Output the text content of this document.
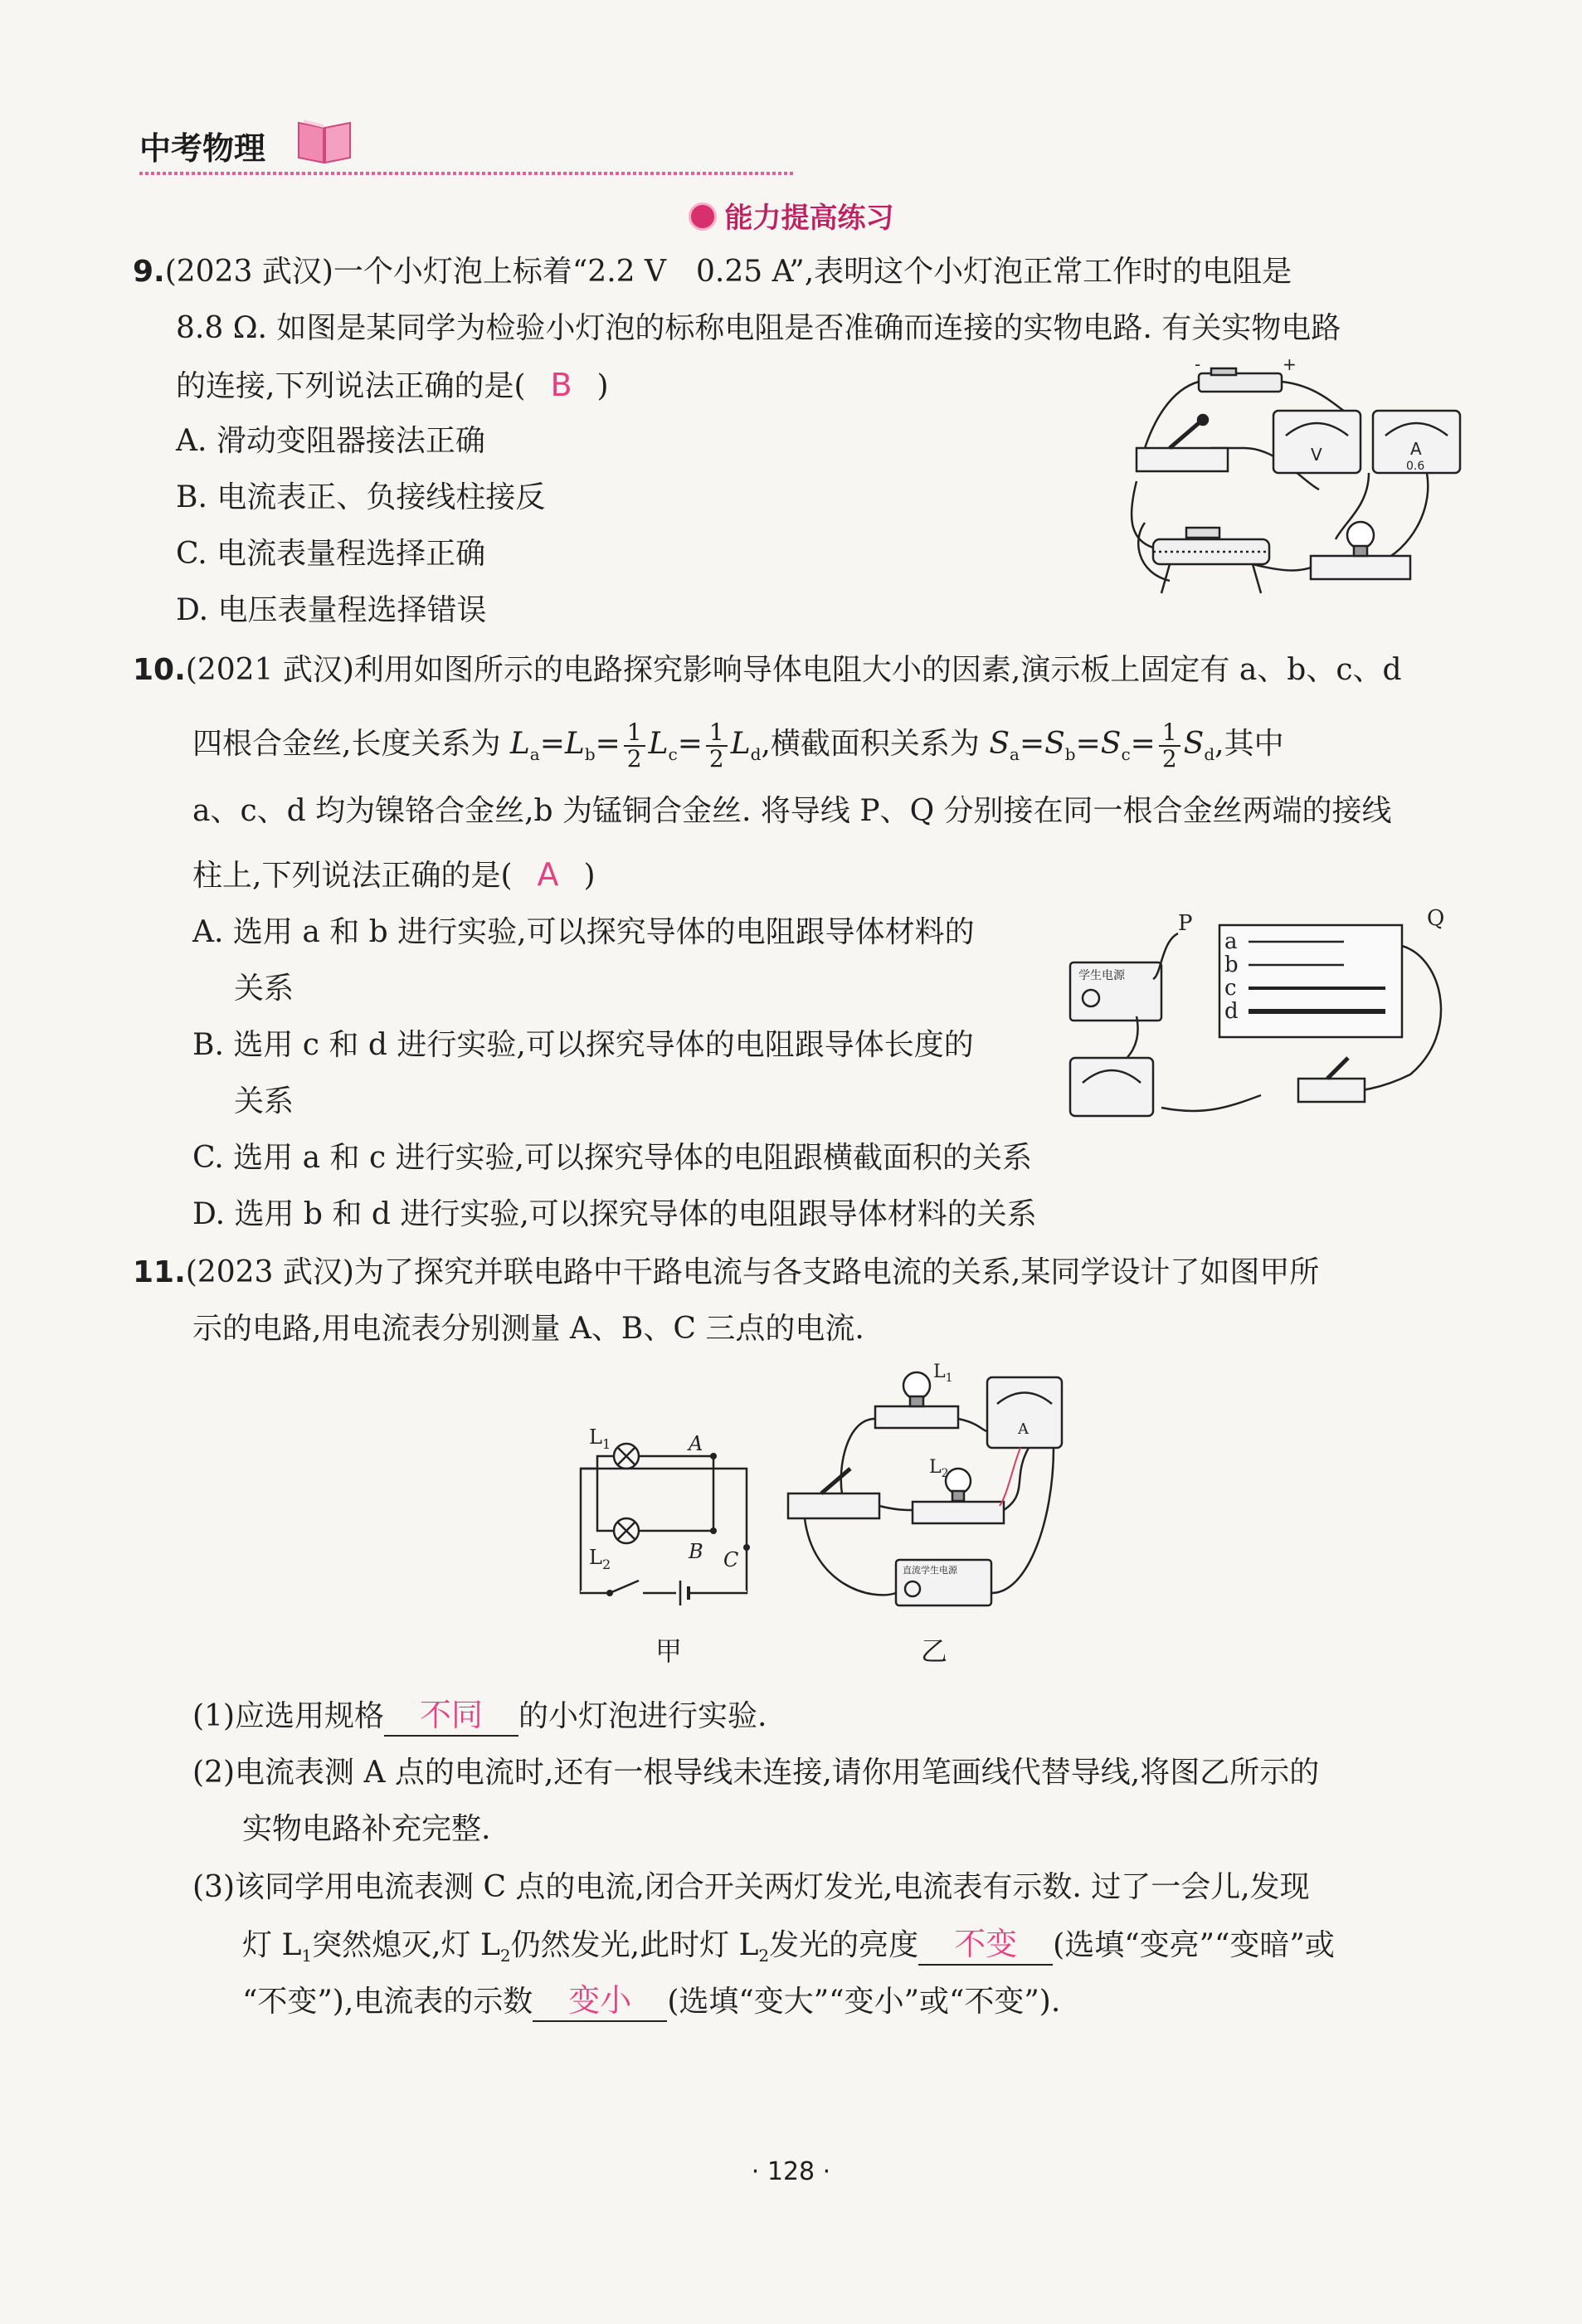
中考物理
能力提高练习
9.(2023 武汉)一个小灯泡上标着“2.2 V　0.25 A”,表明这个小灯泡正常工作时的电阻是
8.8 Ω. 如图是某同学为检验小灯泡的标称电阻是否准确而连接的实物电路. 有关实物电路
的连接,下列说法正确的是( B )
A. 滑动变阻器接法正确
B. 电流表正、负接线柱接反
C. 电流表量程选择正确
D. 电压表量程选择错误
-	+
V	A
0.6
10.(2021 武汉)利用如图所示的电路探究影响导体电阻大小的因素,演示板上固定有 a、b、c、d
四根合金丝,长度关系为 $L_a=L_b= \frac{1}{2} L_c= \frac{1}{2} L_d$,横截面积关系为 $S_a=S_b=S_c= \frac{1}{2} S_d$,其中
a、c、d 均为镍铬合金丝,b 为锰铜合金丝. 将导线 P、Q 分别接在同一根合金丝两端的接线
柱上,下列说法正确的是( A )
A. 选用 a 和 b 进行实验,可以探究导体的电阻跟导体材料的
关系
B. 选用 c 和 d 进行实验,可以探究导体的电阻跟导体长度的
关系
C. 选用 a 和 c 进行实验,可以探究导体的电阻跟横截面积的关系
D. 选用 b 和 d 进行实验,可以探究导体的电阻跟导体材料的关系
P	Q
a
b
c
d
学生电源
11.(2023 武汉)为了探究并联电路中干路电流与各支路电流的关系,某同学设计了如图甲所
示的电路,用电流表分别测量 A、B、C 三点的电流.
$L_1$
$L_2$
A
B C
甲
$L_1$
$L_2$
A
直流学生电源
乙
(1)应选用规格 不同 的小灯泡进行实验.
(2)电流表测 A 点的电流时,还有一根导线未连接,请你用笔画线代替导线,将图乙所示的
实物电路补充完整.
(3)该同学用电流表测 C 点的电流,闭合开关两灯发光,电流表有示数. 过了一会儿,发现
灯 $L_1$突然熄灭,灯 $L_2$仍然发光,此时灯 $L_2$发光的亮度 不变 (选填“变亮”“变暗”或
“不变”),电流表的示数 变小 (选填“变大”“变小”或“不变”).
· 128 ·
